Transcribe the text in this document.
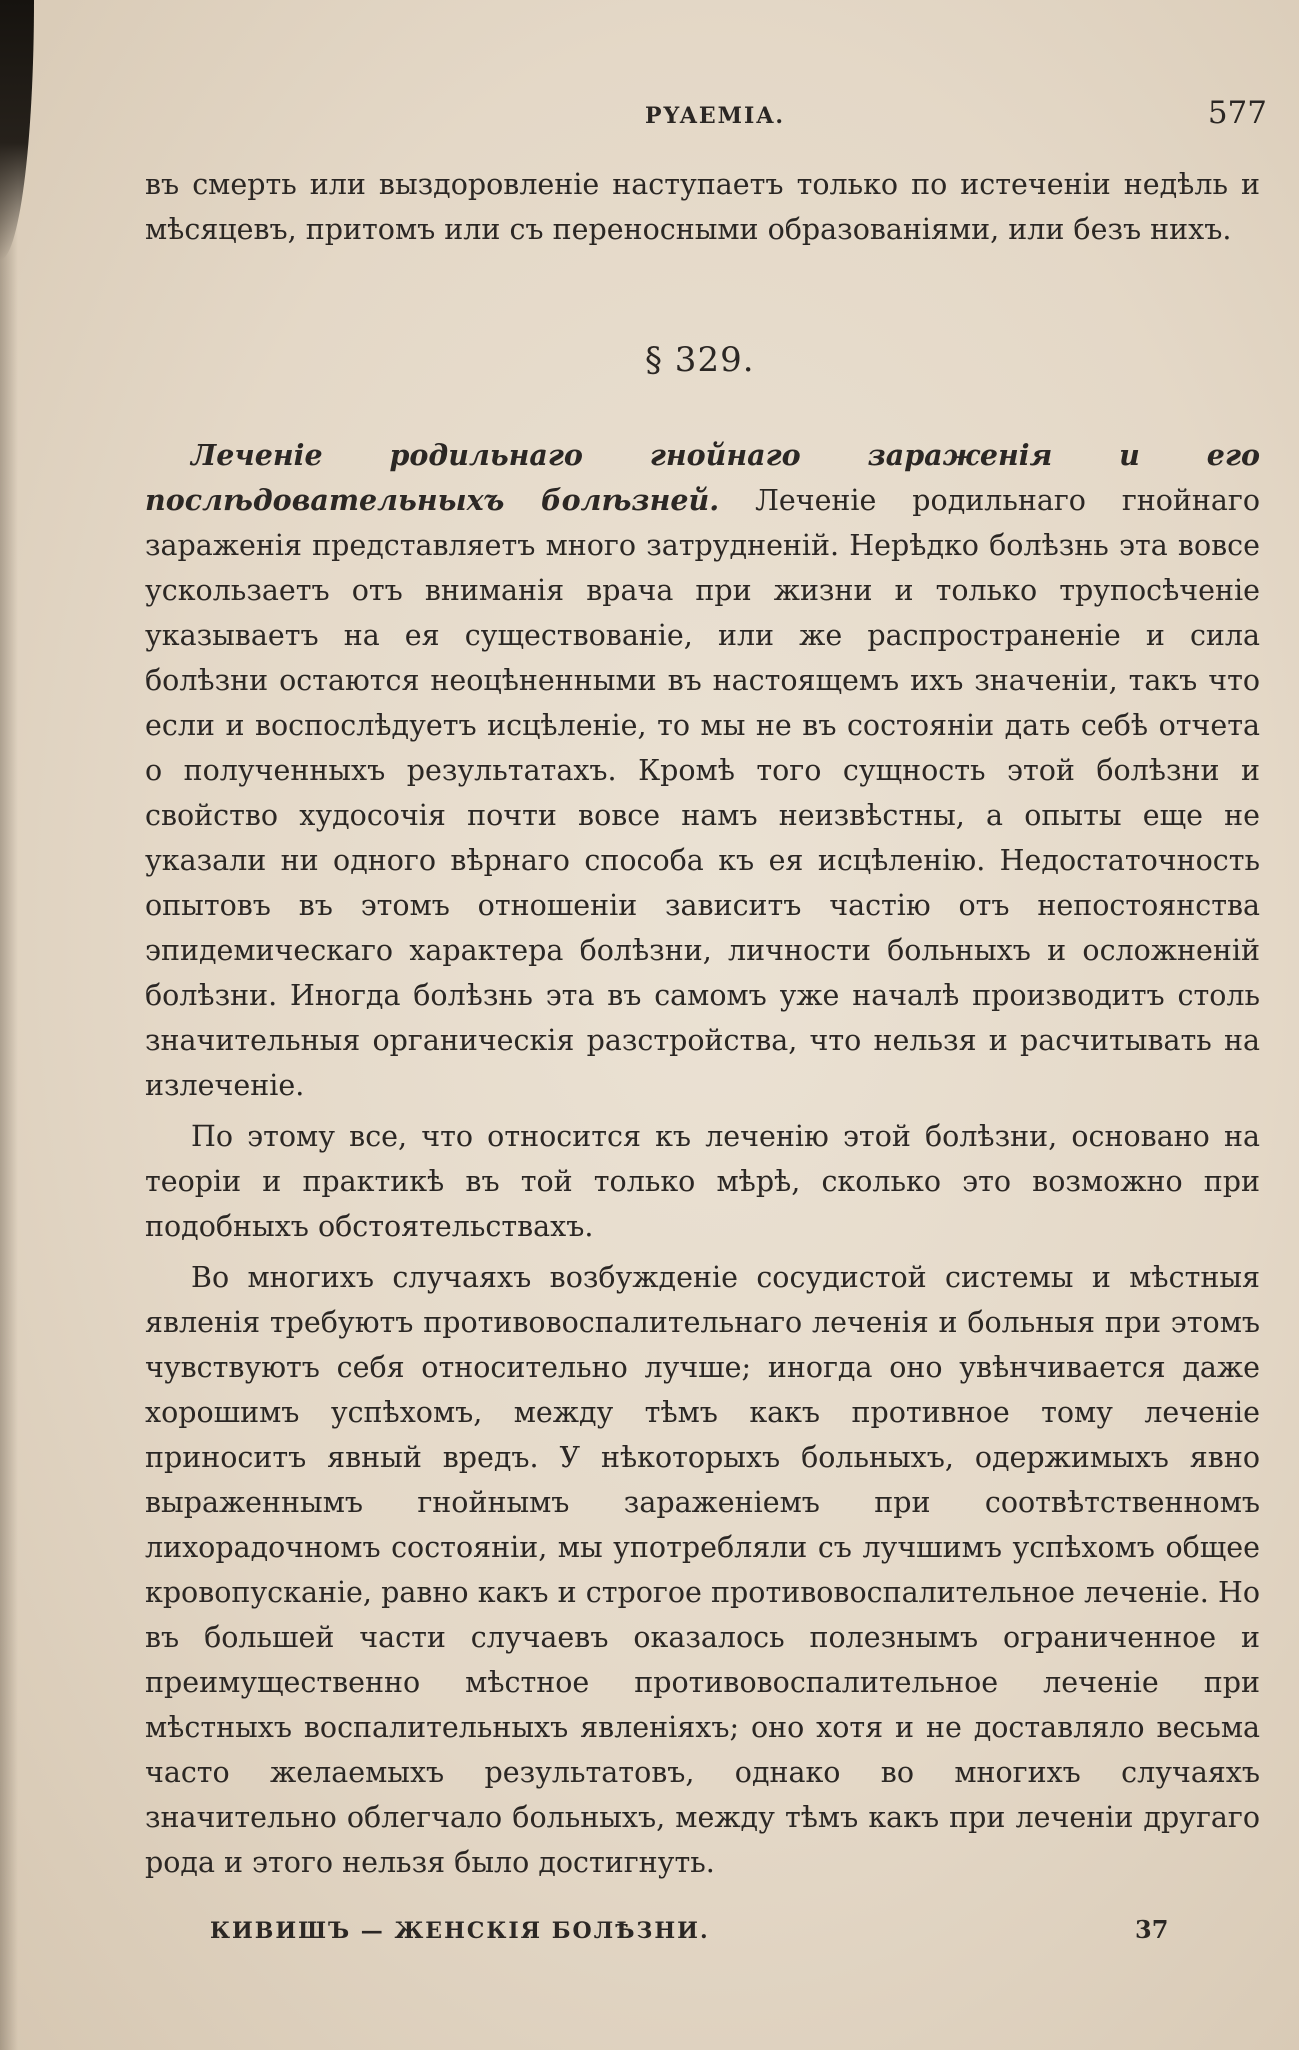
PYAEMIA.	577

въ смерть или выздоровленіе наступаетъ только по истеченіи недѣль и мѣсяцевъ, притомъ или съ переносными образованіями, или безъ нихъ.

§ 329.

Леченіе родильнаго гнойнаго зараженія и его послѣдовательныхъ болѣзней. Леченіе родильнаго гнойнаго зараженія представляетъ много затрудненій. Нерѣдко болѣзнь эта вовсе ускользаетъ отъ вниманія врача при жизни и только трупосѣченіе указываетъ на ея существованіе, или же распространеніе и сила болѣзни остаются неоцѣненными въ настоящемъ ихъ значеніи, такъ что если и воспослѣдуетъ исцѣленіе, то мы не въ состояніи дать себѣ отчета о полученныхъ результатахъ. Кромѣ того сущность этой болѣзни и свойство худосочія почти вовсе намъ неизвѣстны, а опыты еще не указали ни одного вѣрнаго способа къ ея исцѣленію. Недостаточность опытовъ въ этомъ отношеніи зависитъ частію отъ непостоянства эпидемическаго характера болѣзни, личности больныхъ и осложненій болѣзни. Иногда болѣзнь эта въ самомъ уже началѣ производитъ столь значительныя органическія разстройства, что нельзя и расчитывать на излеченіе.

По этому все, что относится къ леченію этой болѣзни, основано на теоріи и практикѣ въ той только мѣрѣ, сколько это возможно при подобныхъ обстоятельствахъ.

Во многихъ случаяхъ возбужденіе сосудистой системы и мѣстныя явленія требуютъ противовоспалительнаго леченія и больныя при этомъ чувствуютъ себя относительно лучше; иногда оно увѣнчивается даже хорошимъ успѣхомъ, между тѣмъ какъ противное тому леченіе приноситъ явный вредъ. У нѣкоторыхъ больныхъ, одержимыхъ явно выраженнымъ гнойнымъ зараженіемъ при соотвѣтственномъ лихорадочномъ состояніи, мы употребляли съ лучшимъ успѣхомъ общее кровопусканіе, равно какъ и строгое противовоспалительное леченіе. Но въ большей части случаевъ оказалось полезнымъ ограниченное и преимущественно мѣстное противовоспалительное леченіе при мѣстныхъ воспалительныхъ явленіяхъ; оно хотя и не доставляло весьма часто желаемыхъ результатовъ, однако во многихъ случаяхъ значительно облегчало больныхъ, между тѣмъ какъ при леченіи другаго рода и этого нельзя было достигнуть.

КИВИШЪ — ЖЕНСКІЯ БОЛѢЗНИ.	37
